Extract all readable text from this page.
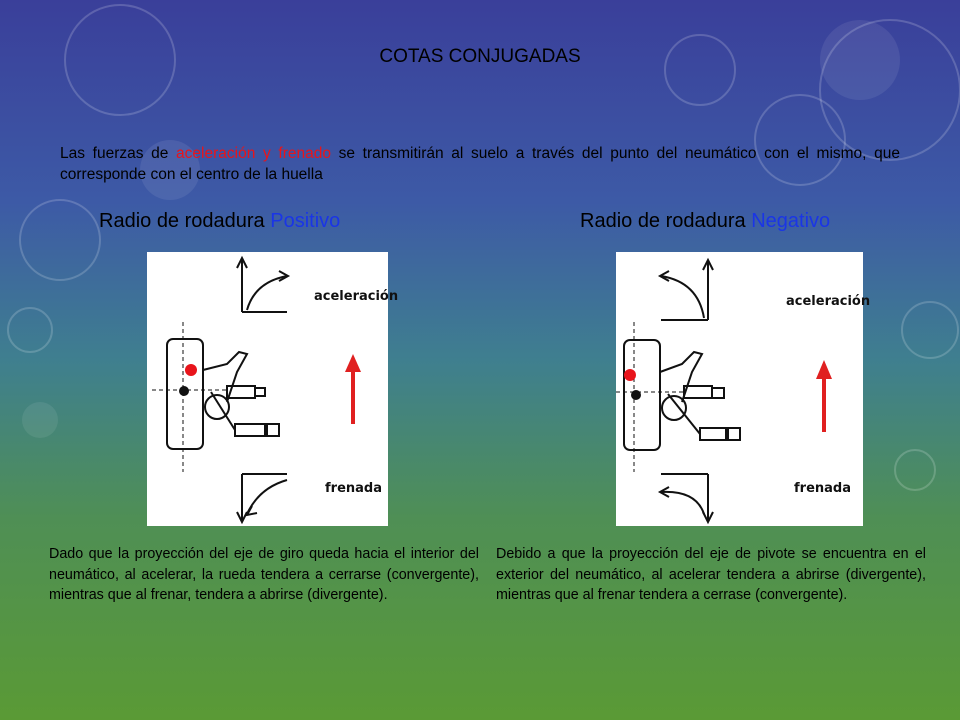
COTAS CONJUGADAS
Las fuerzas de aceleración y frenado se transmitirán al suelo a través del punto del neumático con el mismo, que corresponde con el centro de la huella
Radio de rodadura Positivo	Radio de rodadura Negativo
aceleración
frenada
aceleración
frenada
Dado que la proyección del eje de giro queda hacia el interior del neumático, al acelerar, la rueda tendera a cerrarse (convergente), mientras que al frenar, tendera a abrirse (divergente).
Debido a que la proyección del eje de pivote se encuentra en el exterior del neumático, al acelerar tendera a abrirse (divergente), mientras que al frenar tendera a cerrase (convergente).
